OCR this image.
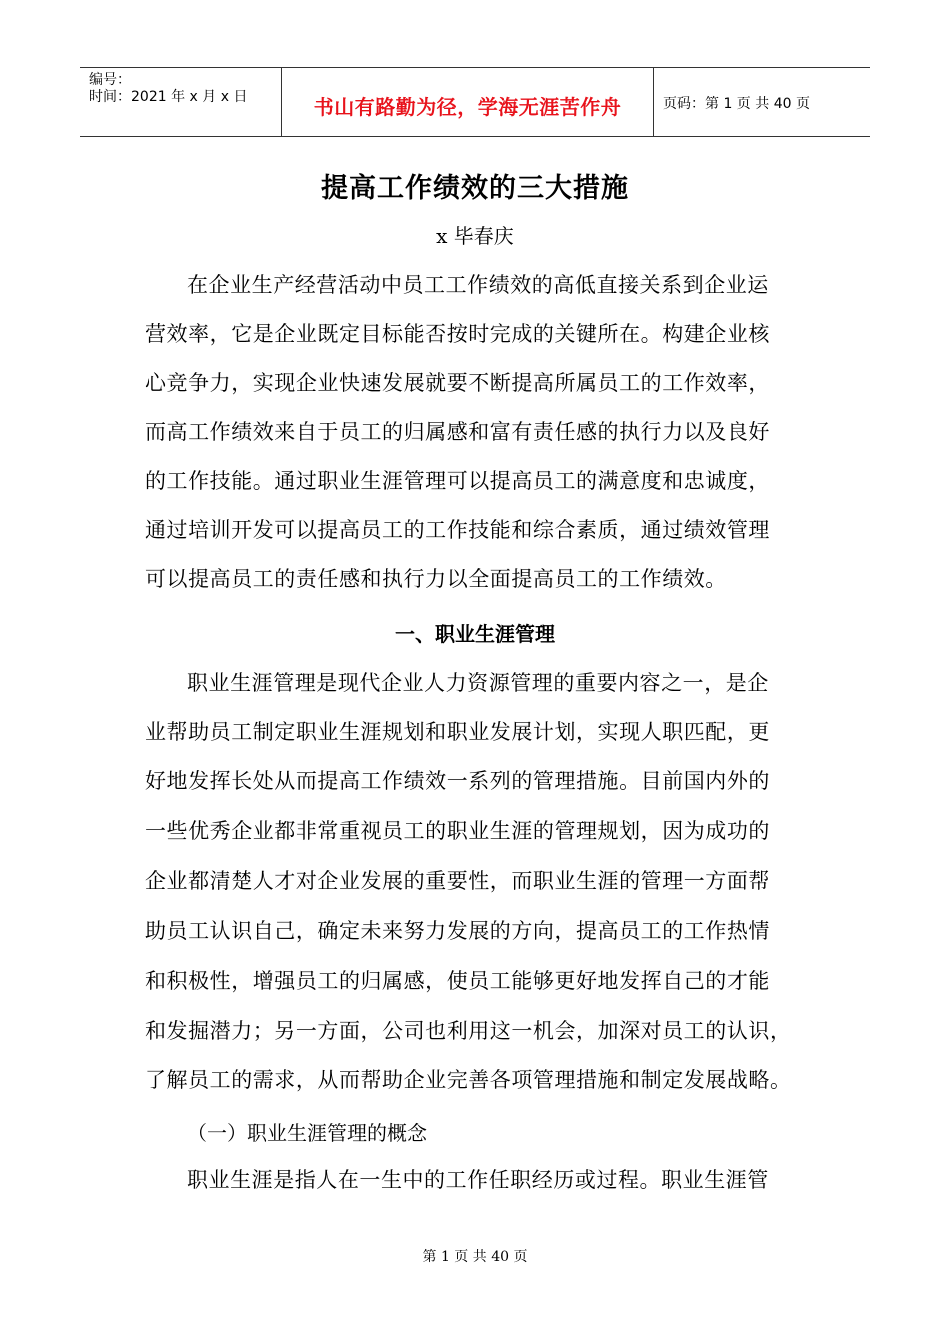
编号：
时间：2021 年 x 月 x 日	书山有路勤为径，学海无涯苦作舟	页码：第 1 页 共 40 页
提高工作绩效的三大措施
x 毕春庆
在企业生产经营活动中员工工作绩效的高低直接关系到企业运
营效率，它是企业既定目标能否按时完成的关键所在。构建企业核
心竞争力，实现企业快速发展就要不断提高所属员工的工作效率，
而高工作绩效来自于员工的归属感和富有责任感的执行力以及良好
的工作技能。通过职业生涯管理可以提高员工的满意度和忠诚度，
通过培训开发可以提高员工的工作技能和综合素质，通过绩效管理
可以提高员工的责任感和执行力以全面提高员工的工作绩效。
一、职业生涯管理
职业生涯管理是现代企业人力资源管理的重要内容之一，是企
业帮助员工制定职业生涯规划和职业发展计划，实现人职匹配，更
好地发挥长处从而提高工作绩效一系列的管理措施。目前国内外的
一些优秀企业都非常重视员工的职业生涯的管理规划，因为成功的
企业都清楚人才对企业发展的重要性，而职业生涯的管理一方面帮
助员工认识自己，确定未来努力发展的方向，提高员工的工作热情
和积极性，增强员工的归属感，使员工能够更好地发挥自己的才能
和发掘潜力；另一方面，公司也利用这一机会，加深对员工的认识，
了解员工的需求，从而帮助企业完善各项管理措施和制定发展战略。
（一）职业生涯管理的概念
职业生涯是指人在一生中的工作任职经历或过程。职业生涯管
第 1 页 共 40 页
